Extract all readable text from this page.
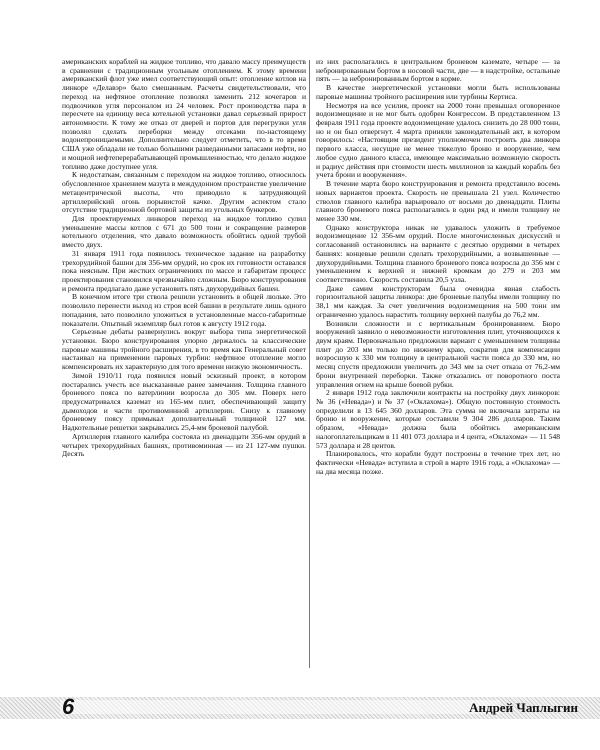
американских кораблей на жидкое топливо, что давало массу преимуществ в сравнении с традиционным угольным отоплением. К этому времени американский флот уже имел соответствующий опыт: отопление котлов на линкоре «Делавэр» было смешанным. Расчеты свидетельствовали, что переход на нефтяное отопление позволял заменить 212 кочегаров и подвозчиков угля персоналом из 24 человек. Рост производства пара в пересчете на единицу веса котельной установки давал серьезный прирост автономности. К тому же отказ от дверей и портов для перегрузки угля позволял сделать переборки между отсеками по-настоящему водонепроницаемыми. Дополнительно следует отметить, что в то время США уже обладали не только большими разведанными запасами нефти, но и мощной нефтеперерабатывающей промышленностью, что делало жидкое топливо даже доступнее угля.

К недостаткам, связанным с переходом на жидкое топливо, относилось обусловленное хранением мазута в междудонном пространстве увеличение метацентрической высоты, что приводило к затрудняющей артиллерийский огонь порывистой качке. Другим аспектом стало отсутствие традиционной бортовой защиты из угольных бункеров.

Для проектируемых линкоров переход на жидкое топливо сулил уменьшение массы котлов с 671 до 500 тонн и сокращение размеров котельного отделения, что давало возможность обойтись одной трубой вместо двух.

31 января 1911 года появилось техническое задание на разработку трехорудийной башни для 356-мм орудий, но срок их готовности оставался пока неясным. При жестких ограничениях по массе и габаритам процесс проектирования становился чрезвычайно сложным. Бюро конструирования и ремонта предлагало даже установить пять двухорудийных башен.

В конечном итоге три ствола решили установить в общей люльке. Это позволило перенести выход из строя всей башни в результате лишь одного попадания, зато позволило уложиться в установленные массо-габаритные показатели. Опытный экземпляр был готов к августу 1912 года.

Серьезные дебаты развернулись вокруг выбора типа энергетической установки. Бюро конструирования упорно держалось за классические паровые машины тройного расширения, в то время как Генеральный совет настаивал на применении паровых турбин: нефтяное отопление могло компенсировать их характерную для того времени низкую экономичность.

Зимой 1910/11 года появился новый эскизный проект, в котором постарались учесть все высказанные ранее замечания. Толщина главного броневого пояса по ватерлинии возросла до 305 мм. Поверх него предусматривался каземат из 165-мм плит, обеспечивающий защиту дымоходов и части противоминной артиллерии. Снизу к главному броневому поясу примыкал дополнительный толщиной 127 мм. Надкотельные решетки закрывались 25,4-мм броневой палубой.

Артиллерия главного калибра состояла из двенадцати 356-мм орудий в четырех трехорудийных башнях, противоминная — из 21 127-мм пушки. Десять

из них располагались в центральном броневом каземате, четыре — за небронированным бортом в носовой части, две — в надстройке, остальные пять — за небронированным бортом в корме.

В качестве энергетической установки могли быть использованы паровые машины тройного расширения или турбины Кертиса.

Несмотря на все усилия, проект на 2000 тонн превышал оговоренное водоизмещение и не мог быть одобрен Конгрессом. В представленном 13 февраля 1911 года проекте водоизмещение удалось снизить до 28 000 тонн, но и он был отвергнут. 4 марта приняли законодательный акт, в котором говорилось: «Настоящим президент уполномочен построить два линкора первого класса, несущие не менее тяжелую броню и вооружение, чем любое судно данного класса, имеющее максимально возможную скорость и радиус действия при стоимости шесть миллионов за каждый корабль без учета брони и вооружения».

В течение марта бюро конструирования и ремонта представило восемь новых вариантов проекта. Скорость не превышала 21 узел. Количество стволов главного калибра варьировало от восьми до двенадцати. Плиты главного броневого пояса располагались в один ряд и имели толщину не менее 330 мм.

Однако конструктора никак не удавалось уложить в требуемое водоизмещение 12 356-мм орудий. После многочисленных дискуссий и согласований остановились на варианте с десятью орудиями в четырех башнях: концевые решили сделать трехорудийными, а возвышенные — двухорудийными. Толщина главного броневого пояса возросла до 356 мм с уменьшением к верхней и нижней кромкам до 279 и 203 мм соответственно. Скорость составила 20,5 узла.

Даже самим конструкторам была очевидна явная слабость горизонтальной защиты линкора: две броневые палубы имели толщину по 38,1 мм каждая. За счет увеличения водоизмещения на 500 тонн им ограниченно удалось нарастить толщину верхней палубы до 76,2 мм.

Возникли сложности и с вертикальным бронированием. Бюро вооружений заявило о невозможности изготовления плит, уточняющихся к двум краям. Первоначально предложили вариант с уменьшением толщины плит до 203 мм только по нижнему краю, сократив для компенсации возросшую к 330 мм толщину в центральной части пояса до 330 мм, но месяц спустя предложили увеличить до 343 мм за счет отказа от 76,2-мм брони внутренней переборки. Также отказались от поворотного поста управления огнем на крыше боевой рубки.

2 января 1912 года заключили контракты на постройку двух линкоров: № 36 («Невада») и № 37 («Оклахома»). Общую постоянную стоимость определили в 13 645 360 долларов. Эта сумма не включала затраты на броню и вооружение, которые составили 9 304 286 долларов. Таким образом, «Невада» должна была обойтись американским налогоплательщикам в 11 401 073 доллара и 4 цента, «Оклахома» — 11 548 573 доллара и 28 центов.

Планировалось, что корабли будут построены в течение трех лет, но фактически «Невада» вступила в строй в марте 1916 года, а «Оклахома» — на два месяца позже.

6	Андрей Чаплыгин
